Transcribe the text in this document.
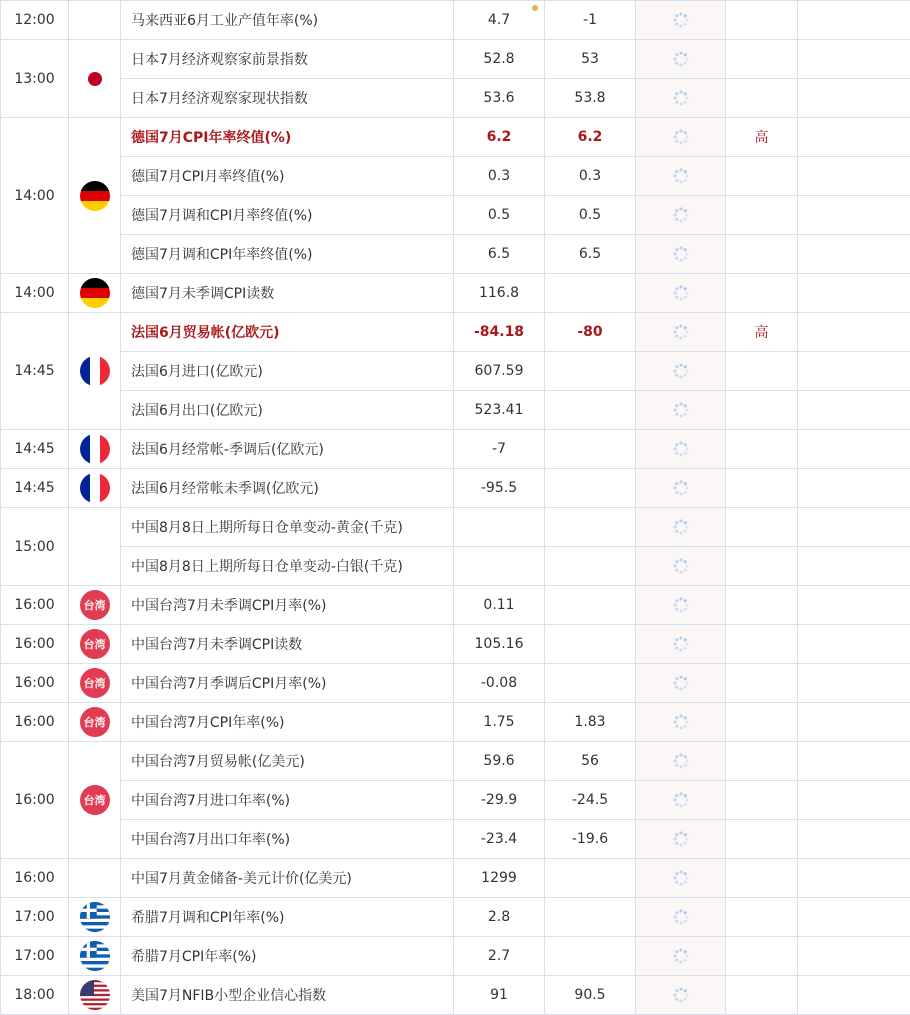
12:00		马来西亚6月工业产值年率(%)	4.7	-1			
13:00		日本7月经济观察家前景指数	52.8	53			
		日本7月经济观察家现状指数	53.6	53.8			
14:00		德国7月CPI年率终值(%)	6.2	6.2		高	
		德国7月CPI月率终值(%)	0.3	0.3			
		德国7月调和CPI月率终值(%)	0.5	0.5			
		德国7月调和CPI年率终值(%)	6.5	6.5			
14:00		德国7月未季调CPI读数	116.8				
14:45		法国6月贸易帐(亿欧元)	-84.18	-80		高	
		法国6月进口(亿欧元)	607.59				
		法国6月出口(亿欧元)	523.41				
14:45		法国6月经常帐-季调后(亿欧元)	-7				
14:45		法国6月经常帐未季调(亿欧元)	-95.5				
15:00		中国8月8日上期所每日仓单变动-黄金(千克)					
		中国8月8日上期所每日仓单变动-白银(千克)					
16:00	台湾	中国台湾7月未季调CPI月率(%)	0.11				
16:00	台湾	中国台湾7月未季调CPI读数	105.16				
16:00	台湾	中国台湾7月季调后CPI月率(%)	-0.08				
16:00	台湾	中国台湾7月CPI年率(%)	1.75	1.83			
16:00	台湾	中国台湾7月贸易帐(亿美元)	59.6	56			
		中国台湾7月进口年率(%)	-29.9	-24.5			
		中国台湾7月出口年率(%)	-23.4	-19.6			
16:00		中国7月黄金储备-美元计价(亿美元)	1299				
17:00		希腊7月调和CPI年率(%)	2.8				
17:00		希腊7月CPI年率(%)	2.7				
18:00		美国7月NFIB小型企业信心指数	91	90.5			
